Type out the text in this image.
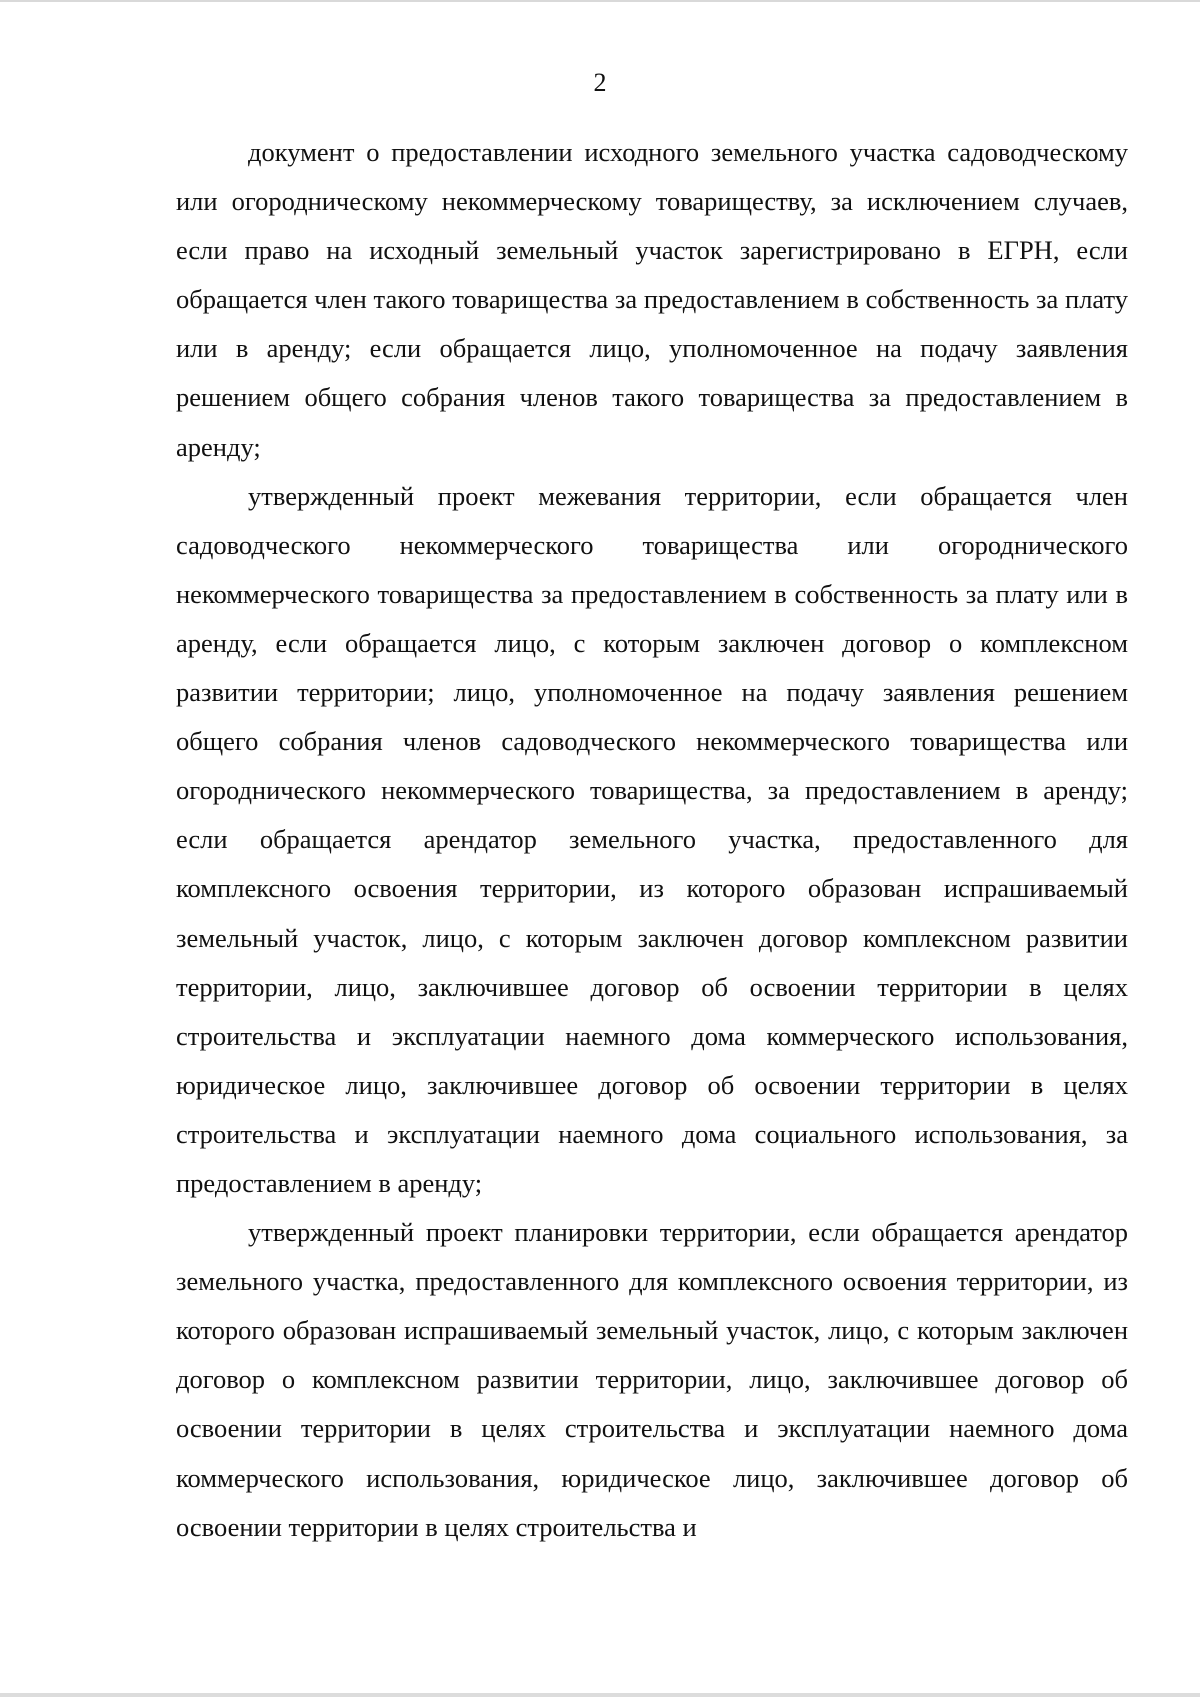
2

документ о предоставлении исходного земельного участка садоводческому или огородническому некоммерческому товариществу, за исключением случаев, если право на исходный земельный участок зарегистрировано в ЕГРН, если обращается член такого товарищества за предоставлением в собственность за плату или в аренду; если обращается лицо, уполномоченное на подачу заявления решением общего собрания членов такого товарищества за предоставлением в аренду;

утвержденный проект межевания территории, если обращается член садоводческого некоммерческого товарищества или огороднического некоммерческого товарищества за предоставлением в собственность за плату или в аренду, если обращается лицо, с которым заключен договор о комплексном развитии территории; лицо, уполномоченное на подачу заявления решением общего собрания членов садоводческого некоммерческого товарищества или огороднического некоммерческого товарищества, за предоставлением в аренду; если обращается арендатор земельного участка, предоставленного для комплексного освоения территории, из которого образован испрашиваемый земельный участок, лицо, с которым заключен договор комплексном развитии территории, лицо, заключившее договор об освоении территории в целях строительства и эксплуатации наемного дома коммерческого использования, юридическое лицо, заключившее договор об освоении территории в целях строительства и эксплуатации наемного дома социального использования, за предоставлением в аренду;

утвержденный проект планировки территории, если обращается арендатор земельного участка, предоставленного для комплексного освоения территории, из которого образован испрашиваемый земельный участок, лицо, с которым заключен договор о комплексном развитии территории, лицо, заключившее договор об освоении территории в целях строительства и эксплуатации наемного дома коммерческого использования, юридическое лицо, заключившее договор об освоении территории в целях строительства и
